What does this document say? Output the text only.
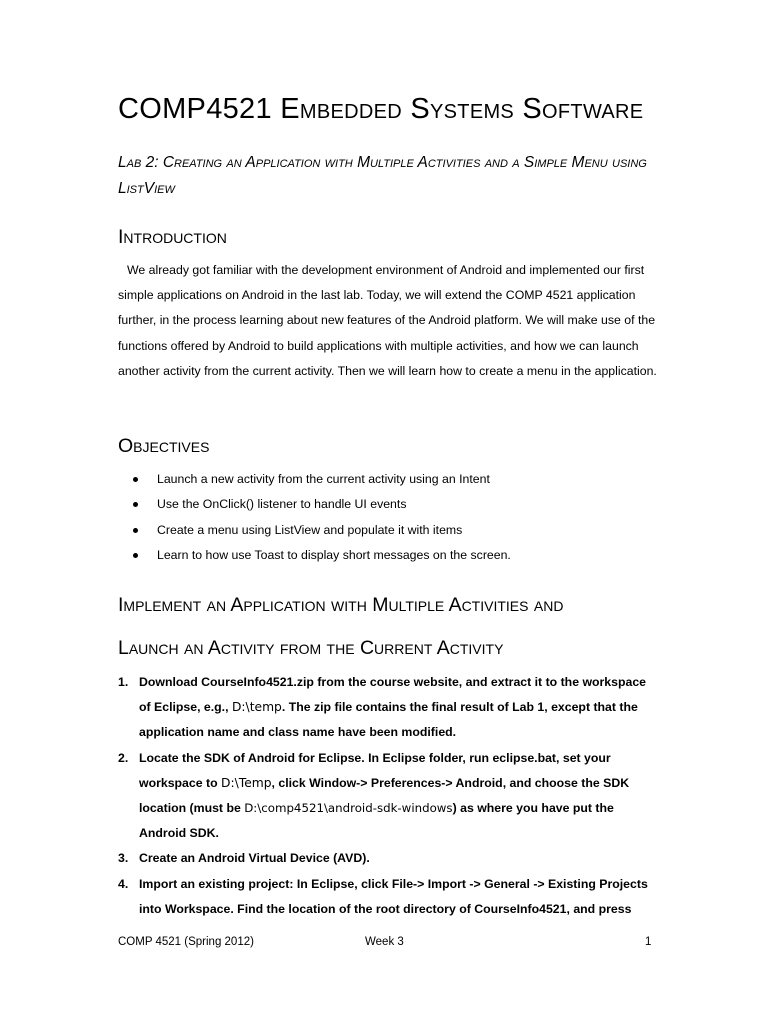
COMP4521 Embedded Systems Software
Lab 2: Creating an Application with Multiple Activities and a Simple Menu using ListView
Introduction

We already got familiar with the development environment of Android and implemented our first simple applications on Android in the last lab. Today, we will extend the COMP 4521 application further, in the process learning about new features of the Android platform. We will make use of the functions offered by Android to build applications with multiple activities, and how we can launch another activity from the current activity. Then we will learn how to create a menu in the application.

Objectives
Launch a new activity from the current activity using an Intent
Use the OnClick() listener to handle UI events
Create a menu using ListView and populate it with items
Learn to how use Toast to display short messages on the screen.
Implement an Application with Multiple Activities and
Launch an Activity from the Current Activity
1. Download CourseInfo4521.zip from the course website, and extract it to the workspace of Eclipse, e.g., D:\temp. The zip file contains the final result of Lab 1, except that the application name and class name have been modified.
2. Locate the SDK of Android for Eclipse. In Eclipse folder, run eclipse.bat, set your workspace to D:\Temp, click Window-> Preferences-> Android, and choose the SDK location (must be D:\comp4521\android-sdk-windows) as where you have put the Android SDK.
3. Create an Android Virtual Device (AVD).
4. Import an existing project: In Eclipse, click File-> Import -> General -> Existing Projects into Workspace. Find the location of the root directory of CourseInfo4521, and press
COMP 4521 (Spring 2012)	Week 3	1
